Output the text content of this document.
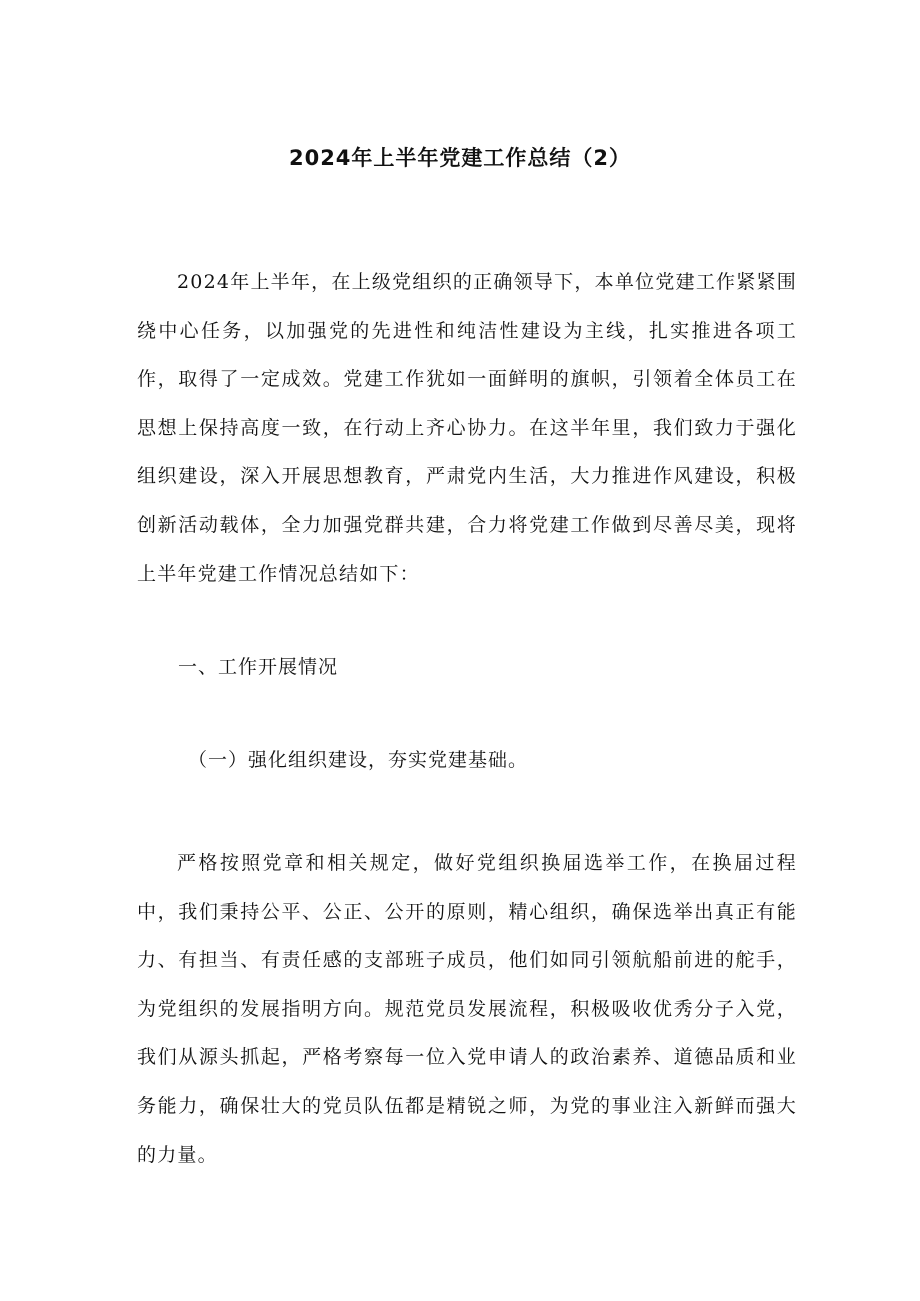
2024年上半年党建工作总结（2）

2024年上半年，在上级党组织的正确领导下，本单位党建工作紧紧围绕中心任务，以加强党的先进性和纯洁性建设为主线，扎实推进各项工作，取得了一定成效。党建工作犹如一面鲜明的旗帜，引领着全体员工在思想上保持高度一致，在行动上齐心协力。在这半年里，我们致力于强化组织建设，深入开展思想教育，严肃党内生活，大力推进作风建设，积极创新活动载体，全力加强党群共建，合力将党建工作做到尽善尽美，现将上半年党建工作情况总结如下：

一、工作开展情况

（一）强化组织建设，夯实党建基础。

严格按照党章和相关规定，做好党组织换届选举工作，在换届过程中，我们秉持公平、公正、公开的原则，精心组织，确保选举出真正有能力、有担当、有责任感的支部班子成员，他们如同引领航船前进的舵手，为党组织的发展指明方向。规范党员发展流程，积极吸收优秀分子入党，我们从源头抓起，严格考察每一位入党申请人的政治素养、道德品质和业务能力，确保壮大的党员队伍都是精锐之师，为党的事业注入新鲜而强大的力量。
